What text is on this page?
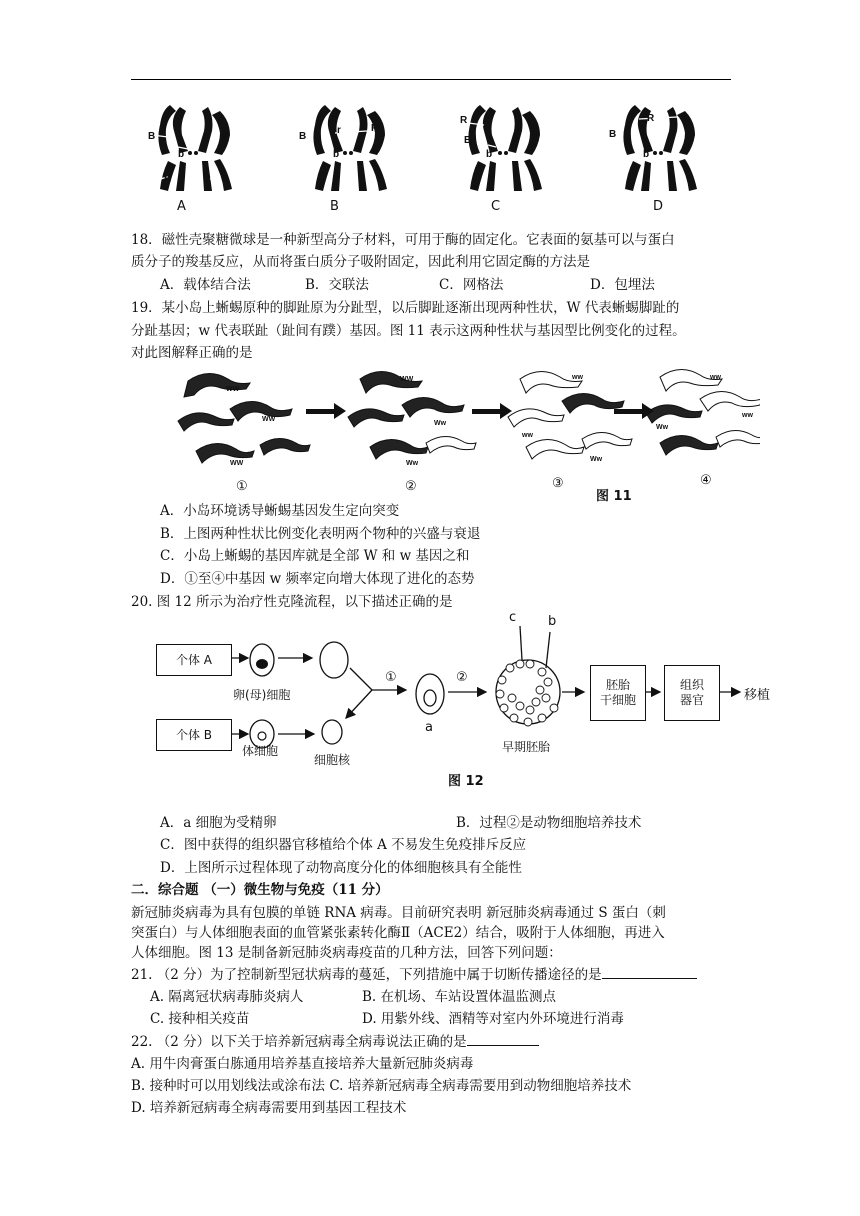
B
b
R	r
B
r	R
b
R
B
b
B
r R
b
A	B	C	D
18．磁性壳聚糖微球是一种新型高分子材料，可用于酶的固定化。它表面的氨基可以与蛋白
质分子的羧基反应，从而将蛋白质分子吸附固定，因此利用它固定酶的方法是
A．载体结合法	B．交联法	C．网格法	D．包埋法
19．某小岛上蜥蜴原种的脚趾原为分趾型，以后脚趾逐渐出现两种性状，W 代表蜥蜴脚趾的
分趾基因；w 代表联趾（趾间有蹼）基因。图 11 表示这两种性状与基因型比例变化的过程。
对此图解释正确的是
WW
WW
WW
WW
Ww
Ww
ww
ww
Ww
ww
Ww
ww
①	②	③	④
图 11
A．小岛环境诱导蜥蜴基因发生定向突变
B．上图两种性状比例变化表明两个物种的兴盛与衰退
C．小岛上蜥蜴的基因库就是全部 W 和 w 基因之和
D．①至④中基因 w 频率定向增大体现了进化的态势
20. 图 12 所示为治疗性克隆流程，以下描述正确的是
个体 A
个体 B
卵(母)细胞
体细胞
细胞核
①	②
a
c b
早期胚胎
胚胎
干细胞
组织
器官	移植
图 12
A．a 细胞为受精卵	B．过程②是动物细胞培养技术
C．图中获得的组织器官移植给个体 A 不易发生免疫排斥反应
D．上图所示过程体现了动物高度分化的体细胞核具有全能性
二．综合题 （一）微生物与免疫（11 分）
新冠肺炎病毒为具有包膜的单链 RNA 病毒。目前研究表明 新冠肺炎病毒通过 S 蛋白（刺
突蛋白）与人体细胞表面的血管紧张素转化酶Ⅱ（ACE2）结合，吸附于人体细胞，再进入
人体细胞。图 13 是制备新冠肺炎病毒疫苗的几种方法，回答下列问题：
21. （2 分）为了控制新型冠状病毒的蔓延，下列措施中属于切断传播途径的是
A. 隔离冠状病毒肺炎病人	B. 在机场、车站设置体温监测点
C. 接种相关疫苗	D. 用紫外线、酒精等对室内外环境进行消毒
22. （2 分）以下关于培养新冠病毒全病毒说法正确的是
A. 用牛肉膏蛋白胨通用培养基直接培养大量新冠肺炎病毒
B. 接种时可以用划线法或涂布法 C. 培养新冠病毒全病毒需要用到动物细胞培养技术
D. 培养新冠病毒全病毒需要用到基因工程技术
